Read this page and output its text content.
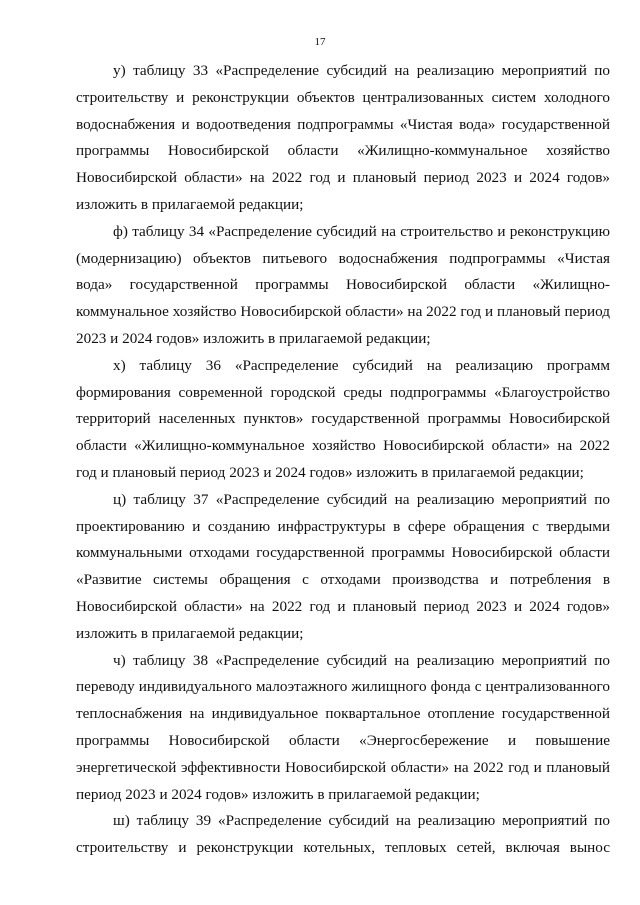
17

у) таблицу 33 «Распределение субсидий на реализацию мероприятий по
строительству и реконструкции объектов централизованных систем холодного
водоснабжения и водоотведения подпрограммы «Чистая вода» государственной
программы Новосибирской области «Жилищно-коммунальное хозяйство
Новосибирской области» на 2022 год и плановый период 2023 и 2024 годов»
изложить в прилагаемой редакции;

ф) таблицу 34 «Распределение субсидий на строительство и реконструкцию
(модернизацию) объектов питьевого водоснабжения подпрограммы «Чистая
вода» государственной программы Новосибирской области «Жилищно-
коммунальное хозяйство Новосибирской области» на 2022 год и плановый период
2023 и 2024 годов» изложить в прилагаемой редакции;

х) таблицу 36 «Распределение субсидий на реализацию программ
формирования современной городской среды подпрограммы «Благоустройство
территорий населенных пунктов» государственной программы Новосибирской
области «Жилищно-коммунальное хозяйство Новосибирской области» на 2022
год и плановый период 2023 и 2024 годов» изложить в прилагаемой редакции;

ц) таблицу 37 «Распределение субсидий на реализацию мероприятий по
проектированию и созданию инфраструктуры в сфере обращения с твердыми
коммунальными отходами государственной программы Новосибирской области
«Развитие системы обращения с отходами производства и потребления в
Новосибирской области» на 2022 год и плановый период 2023 и 2024 годов»
изложить в прилагаемой редакции;

ч) таблицу 38 «Распределение субсидий на реализацию мероприятий по
переводу индивидуального малоэтажного жилищного фонда с централизованного
теплоснабжения на индивидуальное поквартальное отопление государственной
программы Новосибирской области «Энергосбережение и повышение
энергетической эффективности Новосибирской области» на 2022 год и плановый
период 2023 и 2024 годов» изложить в прилагаемой редакции;

ш) таблицу 39 «Распределение субсидий на реализацию мероприятий по
строительству и реконструкции котельных, тепловых сетей, включая вынос
